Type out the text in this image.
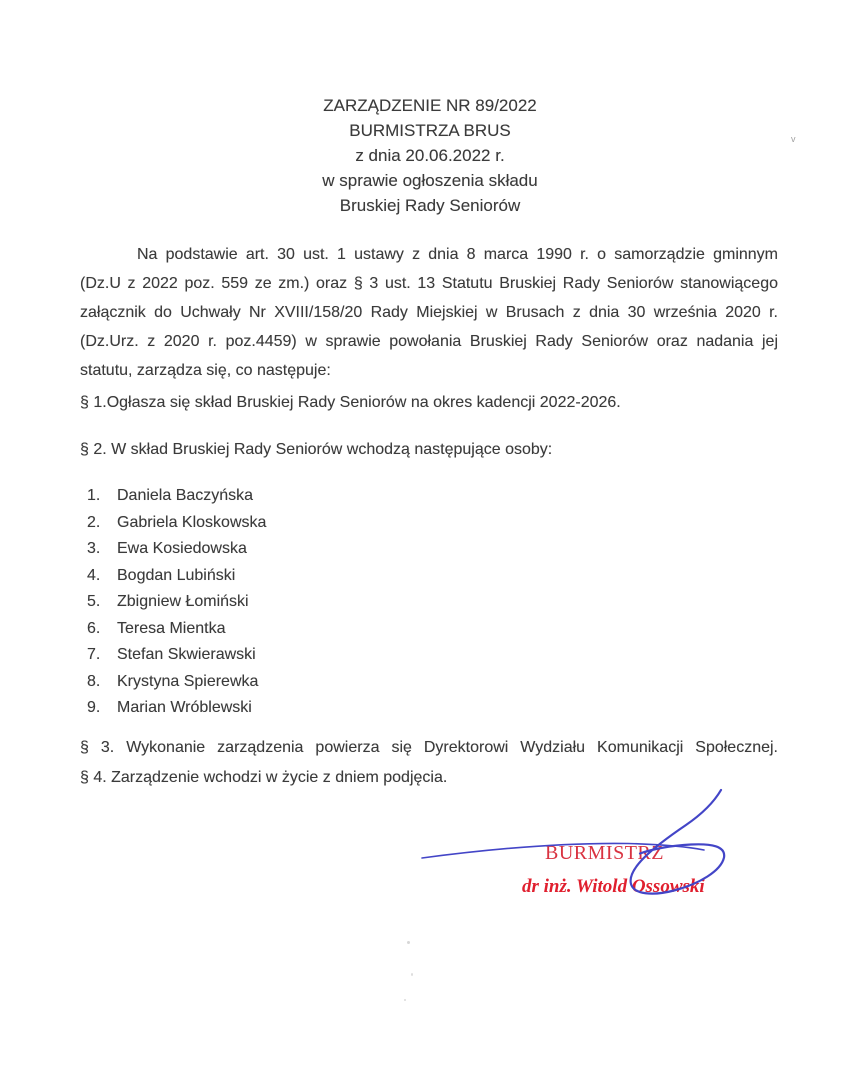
ZARZĄDZENIE NR 89/2022
BURMISTRZA BRUS
z dnia 20.06.2022 r.
w sprawie ogłoszenia składu
Bruskiej Rady Seniorów
v
Na podstawie art. 30 ust. 1 ustawy z dnia 8 marca 1990 r. o samorządzie gminnym
(Dz.U z 2022 poz. 559 ze zm.) oraz § 3 ust. 13 Statutu Bruskiej Rady Seniorów stanowiącego
załącznik do Uchwały Nr XVIII/158/20 Rady Miejskiej w Brusach z dnia 30 września 2020 r.
(Dz.Urz. z 2020 r. poz.4459) w sprawie powołania Bruskiej Rady Seniorów oraz nadania jej
statutu, zarządza się, co następuje:
§ 1.Ogłasza się skład Bruskiej Rady Seniorów na okres kadencji 2022-2026.
§ 2. W skład Bruskiej Rady Seniorów wchodzą następujące osoby:
1.	Daniela Baczyńska
2.	Gabriela Kloskowska
3.	Ewa Kosiedowska
4.	Bogdan Lubiński
5.	Zbigniew Łomiński
6.	Teresa Mientka
7.	Stefan Skwierawski
8.	Krystyna Spierewka
9.	Marian Wróblewski
§ 3. Wykonanie zarządzenia powierza się Dyrektorowi Wydziału Komunikacji Społecznej.
§ 4. Zarządzenie wchodzi w życie z dniem podjęcia.
BURMISTRZ
dr inż. Witold Ossowski
